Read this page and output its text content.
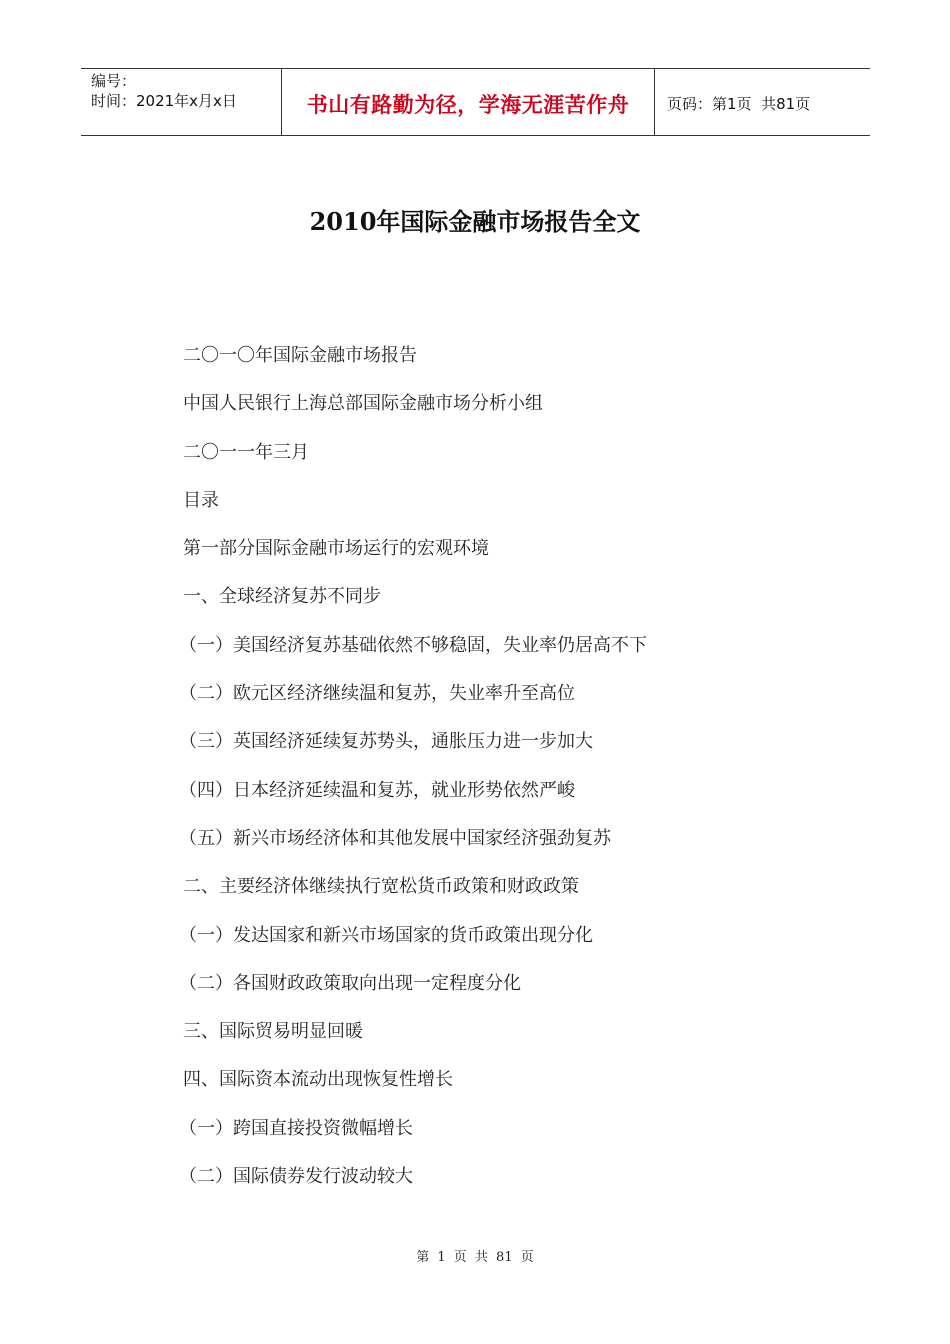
编号：
时间：2021年x月x日	书山有路勤为径，学海无涯苦作舟	页码：第1页  共81页
2010年国际金融市场报告全文
二〇一〇年国际金融市场报告
中国人民银行上海总部国际金融市场分析小组
二〇一一年三月
目录
第一部分国际金融市场运行的宏观环境
一、全球经济复苏不同步
（一）美国经济复苏基础依然不够稳固，失业率仍居高不下
（二）欧元区经济继续温和复苏，失业率升至高位
（三）英国经济延续复苏势头，通胀压力进一步加大
（四）日本经济延续温和复苏，就业形势依然严峻
（五）新兴市场经济体和其他发展中国家经济强劲复苏
二、主要经济体继续执行宽松货币政策和财政政策
（一）发达国家和新兴市场国家的货币政策出现分化
（二）各国财政政策取向出现一定程度分化
三、国际贸易明显回暖
四、国际资本流动出现恢复性增长
（一）跨国直接投资微幅增长
（二）国际债券发行波动较大
第 1 页 共 81 页
